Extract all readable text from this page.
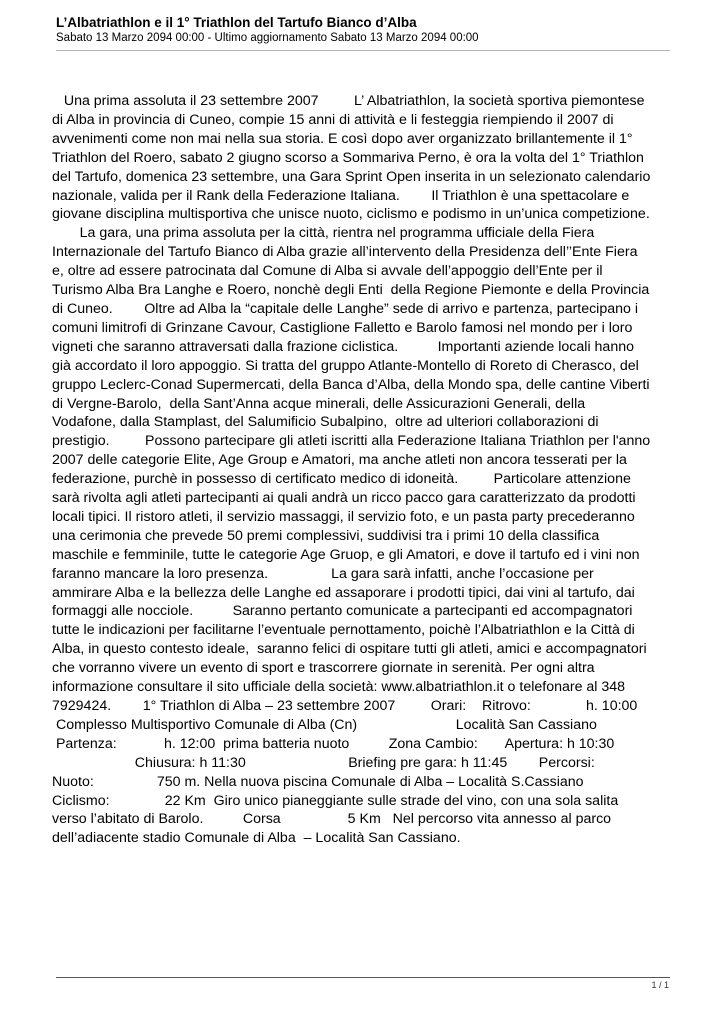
L’Albatriathlon e il 1° Triathlon del Tartufo Bianco d’Alba

Sabato 13 Marzo 2094 00:00 - Ultimo aggiornamento Sabato 13 Marzo 2094 00:00

Una prima assoluta il 23 settembre 2007         L’ Albatriathlon, la società sportiva piemontese
di Alba in provincia di Cuneo, compie 15 anni di attività e li festeggia riempiendo il 2007 di
avvenimenti come non mai nella sua storia. E così dopo aver organizzato brillantemente il 1°
Triathlon del Roero, sabato 2 giugno scorso a Sommariva Perno, è ora la volta del 1° Triathlon
del Tartufo, domenica 23 settembre, una Gara Sprint Open inserita in un selezionato calendario
nazionale, valida per il Rank della Federazione Italiana.        Il Triathlon è una spettacolare e
giovane disciplina multisportiva che unisce nuoto, ciclismo e podismo in un’unica competizione.
La gara, una prima assoluta per la città, rientra nel programma ufficiale della Fiera
Internazionale del Tartufo Bianco di Alba grazie all’intervento della Presidenza dell’’Ente Fiera
e, oltre ad essere patrocinata dal Comune di Alba si avvale dell’appoggio dell’Ente per il
Turismo Alba Bra Langhe e Roero, nonchè degli Enti  della Regione Piemonte e della Provincia
di Cuneo.        Oltre ad Alba la “capitale delle Langhe” sede di arrivo e partenza, partecipano i
comuni limitrofi di Grinzane Cavour, Castiglione Falletto e Barolo famosi nel mondo per i loro
vigneti che saranno attraversati dalla frazione ciclistica.          Importanti aziende locali hanno
già accordato il loro appoggio. Si tratta del gruppo Atlante-Montello di Roreto di Cherasco, del
gruppo Leclerc-Conad Supermercati, della Banca d’Alba, della Mondo spa, delle cantine Viberti
di Vergne-Barolo,  della Sant’Anna acque minerali, delle Assicurazioni Generali, della
Vodafone, dalla Stamplast, del Salumificio Subalpino,  oltre ad ulteriori collaborazioni di
prestigio.         Possono partecipare gli atleti iscritti alla Federazione Italiana Triathlon per l'anno
2007 delle categorie Elite, Age Group e Amatori, ma anche atleti non ancora tesserati per la
federazione, purchè in possesso di certificato medico di idoneità.         Particolare attenzione
sarà rivolta agli atleti partecipanti ai quali andrà un ricco pacco gara caratterizzato da prodotti
locali tipici. Il ristoro atleti, il servizio massaggi, il servizio foto, e un pasta party precederanno
una cerimonia che prevede 50 premi complessivi, suddivisi tra i primi 10 della classifica
maschile e femminile, tutte le categorie Age Gruop, e gli Amatori, e dove il tartufo ed i vini non
faranno mancare la loro presenza.                La gara sarà infatti, anche l’occasione per
ammirare Alba e la bellezza delle Langhe ed assaporare i prodotti tipici, dai vini al tartufo, dai
formaggi alle nocciole.          Saranno pertanto comunicate a partecipanti ed accompagnatori
tutte le indicazioni per facilitarne l’eventuale pernottamento, poichè l’Albatriathlon e la Città di
Alba, in questo contesto ideale,  saranno felici di ospitare tutti gli atleti, amici e accompagnatori
che vorranno vivere un evento di sport e trascorrere giornate in serenità. Per ogni altra
informazione consultare il sito ufficiale della società: www.albatriathlon.it o telefonare al 348
7929424.        1° Triathlon di Alba – 23 settembre 2007         Orari:    Ritrovo:              h. 10:00
Complesso Multisportivo Comunale di Alba (Cn)                         Località San Cassiano
Partenza:            h. 12:00  prima batteria nuoto          Zona Cambio:       Apertura: h 10:30
Chiusura: h 11:30                          Briefing pre gara: h 11:45        Percorsi:
Nuoto:                750 m. Nella nuova piscina Comunale di Alba – Località S.Cassiano
Ciclismo:              22 Km  Giro unico pianeggiante sulle strade del vino, con una sola salita
verso l’abitato di Barolo.          Corsa                 5 Km   Nel percorso vita annesso al parco
dell’adiacente stadio Comunale di Alba  – Località San Cassiano.

1 / 1
